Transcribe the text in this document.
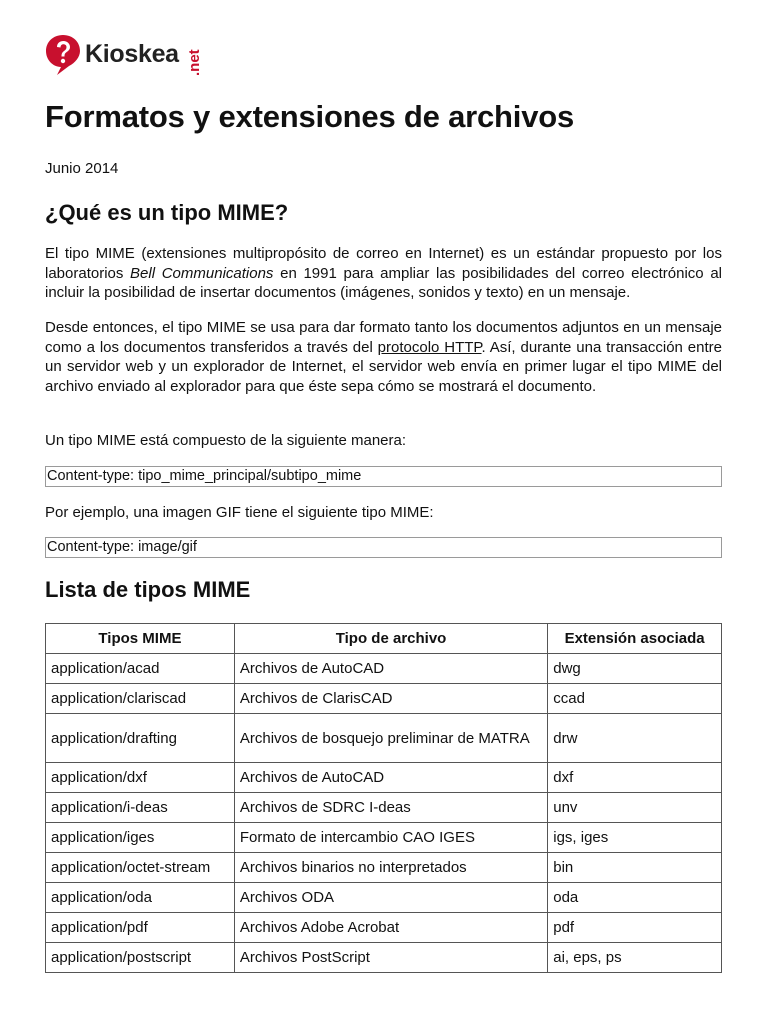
Kioskea .net
Formatos y extensiones de archivos
Junio 2014
¿Qué es un tipo MIME?

El tipo MIME (extensiones multipropósito de correo en Internet) es un estándar propuesto por los laboratorios Bell Communications en 1991 para ampliar las posibilidades del correo electrónico al incluir la posibilidad de insertar documentos (imágenes, sonidos y texto) en un mensaje.

Desde entonces, el tipo MIME se usa para dar formato tanto los documentos adjuntos en un mensaje como a los documentos transferidos a través del protocolo HTTP. Así, durante una transacción entre un servidor web y un explorador de Internet, el servidor web envía en primer lugar el tipo MIME del archivo enviado al explorador para que éste sepa cómo se mostrará el documento.

Un tipo MIME está compuesto de la siguiente manera:

Content-type: tipo_mime_principal/subtipo_mime

Por ejemplo, una imagen GIF tiene el siguiente tipo MIME:

Content-type: image/gif
Lista de tipos MIME
Tipos MIME	Tipo de archivo	Extensión asociada
application/acad	Archivos de AutoCAD	dwg
application/clariscad	Archivos de ClarisCAD	ccad
application/drafting	Archivos de bosquejo preliminar de MATRA	drw
application/dxf	Archivos de AutoCAD	dxf
application/i-deas	Archivos de SDRC I-deas	unv
application/iges	Formato de intercambio CAO IGES	igs, iges
application/octet-stream	Archivos binarios no interpretados	bin
application/oda	Archivos ODA	oda
application/pdf	Archivos Adobe Acrobat	pdf
application/postscript	Archivos PostScript	ai, eps, ps
